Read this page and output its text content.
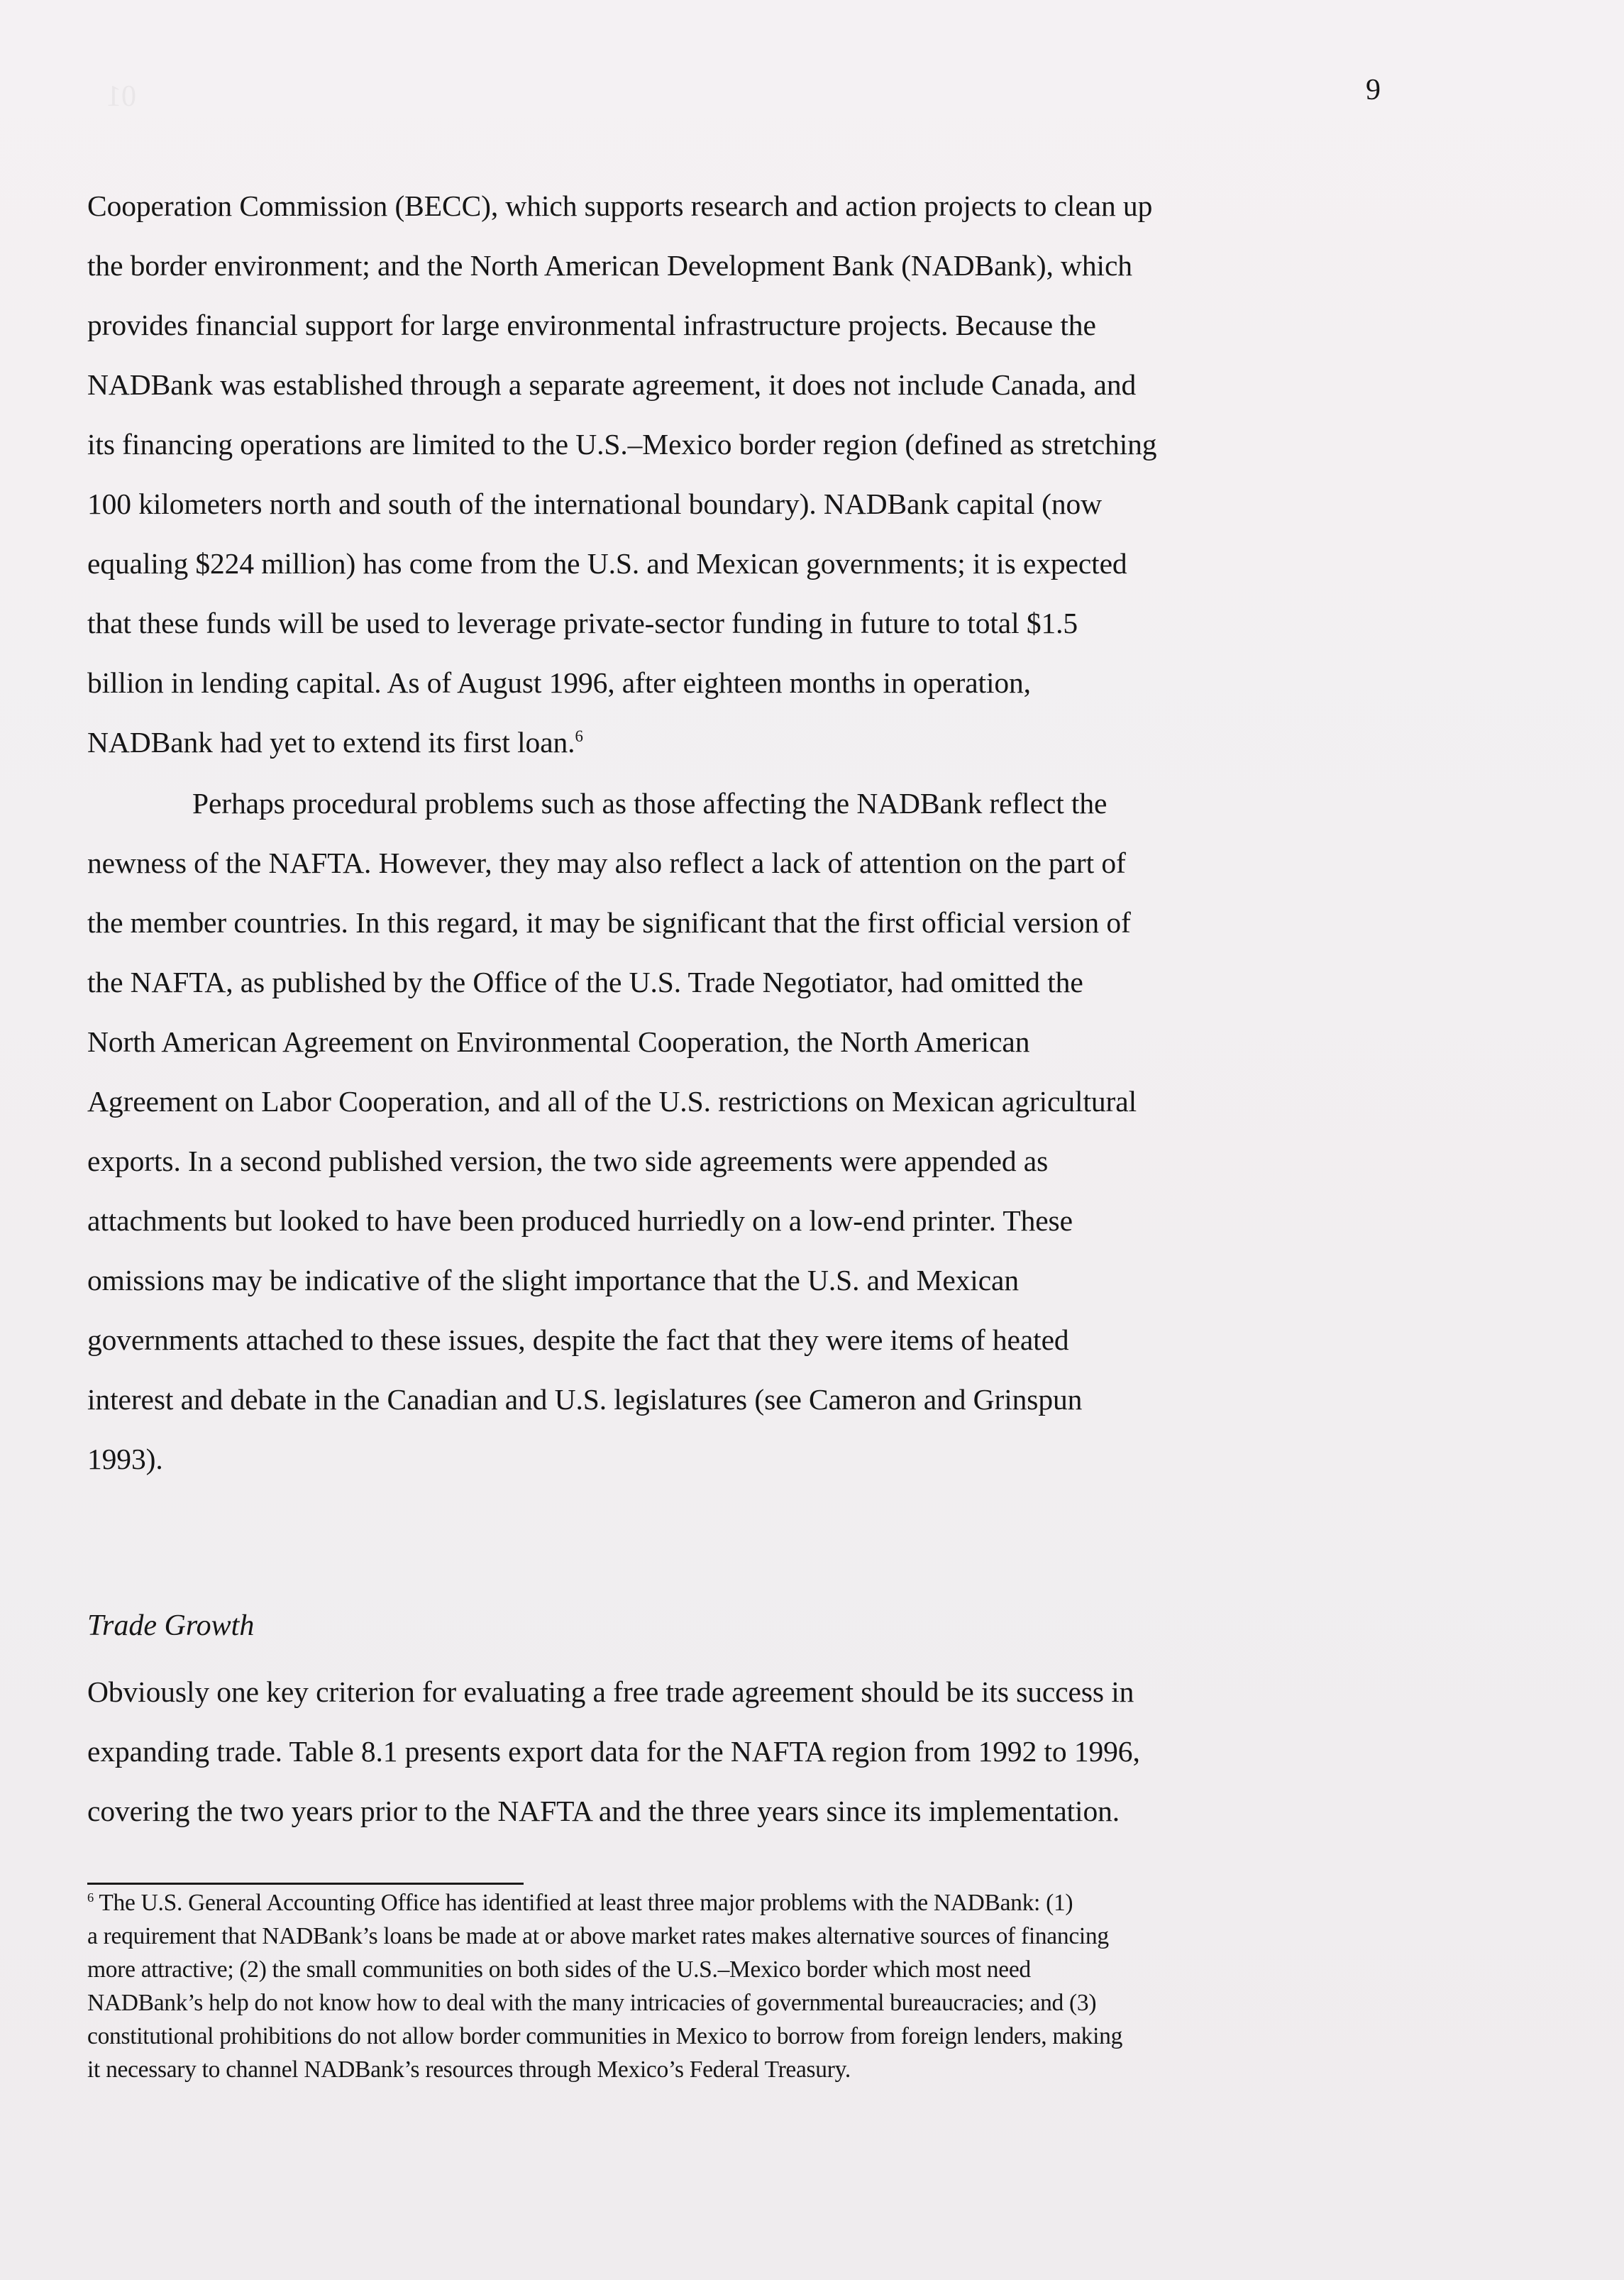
01	9
Cooperation Commission (BECC), which supports research and action projects to clean up
the border environment; and the North American Development Bank (NADBank), which
provides financial support for large environmental infrastructure projects. Because the
NADBank was established through a separate agreement, it does not include Canada, and
its financing operations are limited to the U.S.–Mexico border region (defined as stretching
100 kilometers north and south of the international boundary). NADBank capital (now
equaling $224 million) has come from the U.S. and Mexican governments; it is expected
that these funds will be used to leverage private-sector funding in future to total $1.5
billion in lending capital. As of August 1996, after eighteen months in operation,
NADBank had yet to extend its first loan.$^6$
Perhaps procedural problems such as those affecting the NADBank reflect the
newness of the NAFTA. However, they may also reflect a lack of attention on the part of
the member countries. In this regard, it may be significant that the first official version of
the NAFTA, as published by the Office of the U.S. Trade Negotiator, had omitted the
North American Agreement on Environmental Cooperation, the North American
Agreement on Labor Cooperation, and all of the U.S. restrictions on Mexican agricultural
exports. In a second published version, the two side agreements were appended as
attachments but looked to have been produced hurriedly on a low-end printer. These
omissions may be indicative of the slight importance that the U.S. and Mexican
governments attached to these issues, despite the fact that they were items of heated
interest and debate in the Canadian and U.S. legislatures (see Cameron and Grinspun
1993).
Trade Growth
Obviously one key criterion for evaluating a free trade agreement should be its success in
expanding trade. Table 8.1 presents export data for the NAFTA region from 1992 to 1996,
covering the two years prior to the NAFTA and the three years since its implementation.
$^6$ The U.S. General Accounting Office has identified at least three major problems with the NADBank: (1)
a requirement that NADBank’s loans be made at or above market rates makes alternative sources of financing
more attractive; (2) the small communities on both sides of the U.S.–Mexico border which most need
NADBank’s help do not know how to deal with the many intricacies of governmental bureaucracies; and (3)
constitutional prohibitions do not allow border communities in Mexico to borrow from foreign lenders, making
it necessary to channel NADBank’s resources through Mexico’s Federal Treasury.
